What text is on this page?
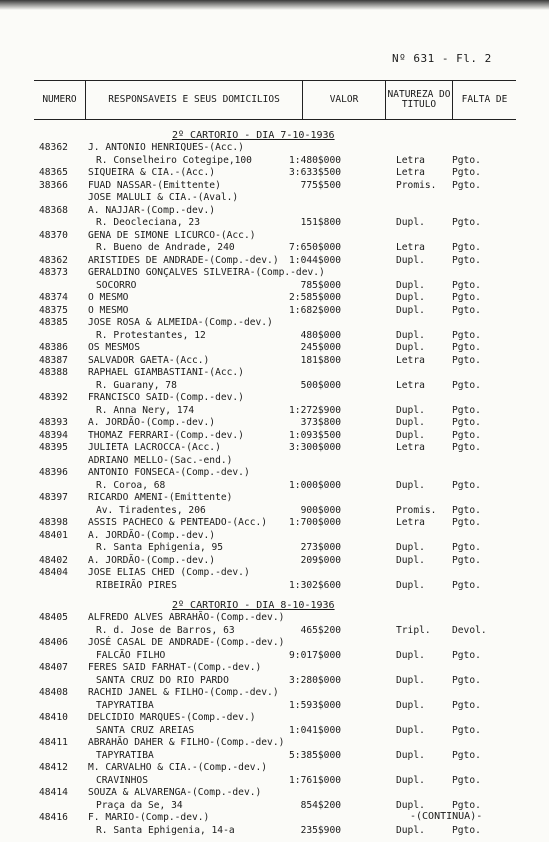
Nº 631 - Fl. 2
NUMERO	RESPONSAVEIS E SEUS DOMICILIOS	VALOR	NATUREZA DO TITULO	FALTA DE
2º CARTORIO - DIA 7-10-1936
48362 J. ANTONIO HENRIQUES-(Acc.)
R. Conselheiro Cotegipe,100	1:480$000	Letra	Pgto.
48365 SIQUEIRA & CIA.-(Acc.)	3:633$500	Letra	Pgto.
38366 FUAD NASSAR-(Emittente)	775$500	Promis. Pgto.
JOSE MALULI & CIA.-(Aval.)
48368 A. NAJJAR-(Comp.-dev.)
R. Deocleciana, 23	151$800	Dupl.	Pgto.
48370 GENA DE SIMONE LICURCO-(Acc.)
R. Bueno de Andrade, 240	7:650$000	Letra	Pgto.
48362 ARISTIDES DE ANDRADE-(Comp.-dev.) 1:044$000	Dupl.	Pgto.
48373 GERALDINO GONÇALVES SILVEIRA-(Comp.-dev.)
SOCORRO	785$000	Dupl.	Pgto.
48374 O MESMO	2:585$000	Dupl.	Pgto.
48375 O MESMO	1:682$000	Dupl.	Pgto.
48385 JOSE ROSA & ALMEIDA-(Comp.-dev.)
R. Protestantes, 12	480$000	Dupl.	Pgto.
48386 OS MESMOS	245$000	Dupl.	Pgto.
48387 SALVADOR GAETA-(Acc.)	181$800	Letra	Pgto.
48388 RAPHAEL GIAMBASTIANI-(Acc.)
R. Guarany, 78	500$000	Letra	Pgto.
48392 FRANCISCO SAID-(Comp.-dev.)
R. Anna Nery, 174	1:272$900	Dupl.	Pgto.
48393 A. JORDÃO-(Comp.-dev.)	373$800	Dupl.	Pgto.
48394 THOMAZ FERRARI-(Comp.-dev.)	1:093$500	Dupl.	Pgto.
48395 JULIETA LACROCCA-(Acc.)	3:300$000	Letra	Pgto.
ADRIANO MELLO-(Sac.-end.)
48396 ANTONIO FONSECA-(Comp.-dev.)
R. Coroa, 68	1:000$000	Dupl.	Pgto.
48397 RICARDO AMENI-(Emittente)
Av. Tiradentes, 206	900$000	Promis. Pgto.
48398 ASSIS PACHECO & PENTEADO-(Acc.) 1:700$000	Letra	Pgto.
48401 A. JORDÃO-(Comp.-dev.)
R. Santa Ephigenia, 95	273$000	Dupl.	Pgto.
48402 A. JORDÃO-(Comp.-dev.)	209$000	Dupl.	Pgto.
48404 JOSE ELIAS CHED (Comp.-dev.)
RIBEIRÃO PIRES	1:302$600	Dupl.	Pgto.
2º CARTORIO - DIA 8-10-1936
48405 ALFREDO ALVES ABRAHÃO-(Comp.-dev.)
R. d. Jose de Barros, 63	465$200	Tripl. Devol.
48406 JOSÉ CASAL DE ANDRADE-(Comp.-dev.)
FALCÃO FILHO	9:017$000	Dupl.	Pgto.
48407 FERES SAID FARHAT-(Comp.-dev.)
SANTA CRUZ DO RIO PARDO	3:280$000	Dupl.	Pgto.
48408 RACHID JANEL & FILHO-(Comp.-dev.)
TAPYRATIBA	1:593$000	Dupl.	Pgto.
48410 DELCIDIO MARQUES-(Comp.-dev.)
SANTA CRUZ AREIAS	1:041$000	Dupl.	Pgto.
48411 ABRAHÃO DAHER & FILHO-(Comp.-dev.)
TAPYRATIBA	5:385$000	Dupl.	Pgto.
48412 M. CARVALHO & CIA.-(Comp.-dev.)
CRAVINHOS	1:761$000	Dupl.	Pgto.
48414 SOUZA & ALVARENGA-(Comp.-dev.)
Praça da Se, 34	854$200	Dupl.	Pgto.
48416 F. MARIO-(Comp.-dev.)
R. Santa Ephigenia, 14-a	235$900	Dupl.	Pgto.
-(CONTINUA)-
